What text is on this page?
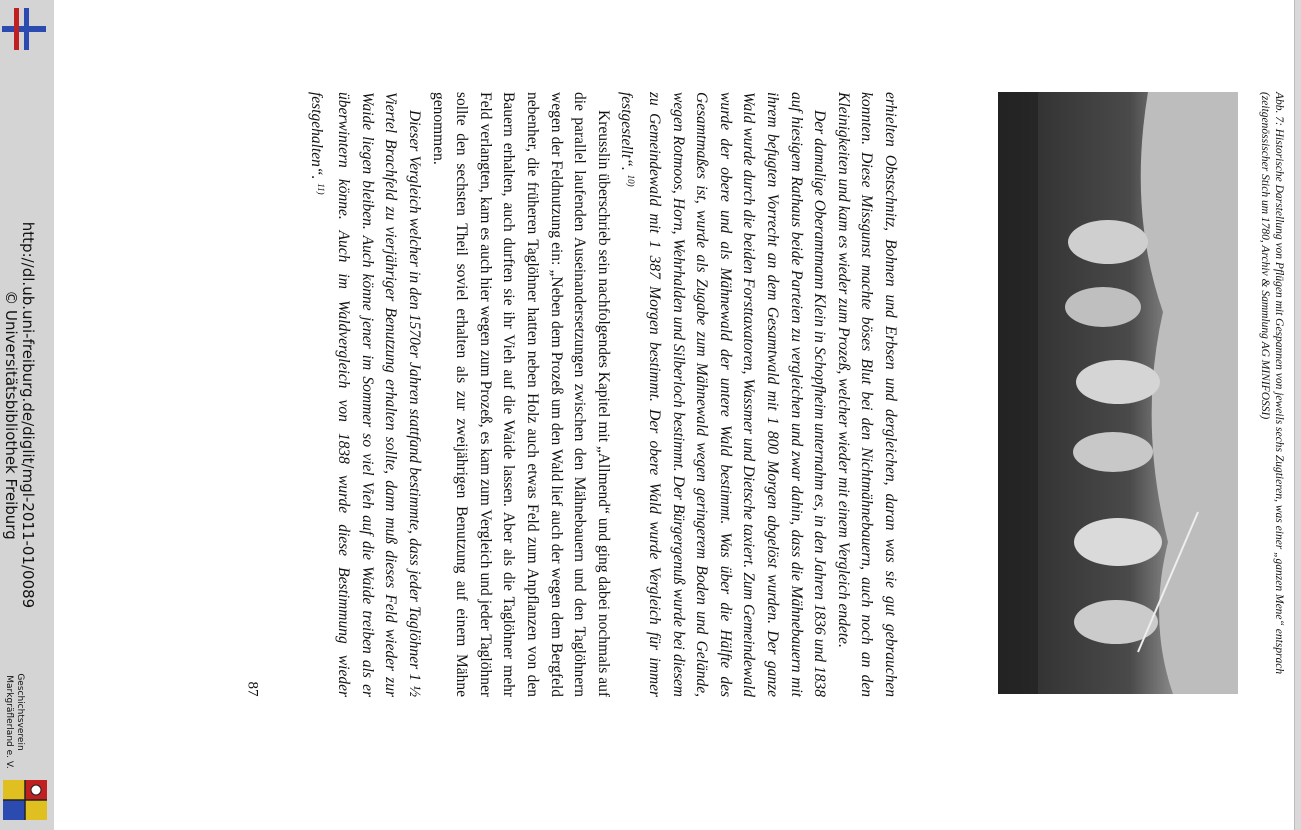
http://dl.ub.uni-freiburg.de/diglit/mgl-2011-01/0089
© Universitätsbibliothek Freiburg
Geschichtsverein
Markgräflerland e. V.
Abb. 7: Historische Darstellung von Pflügen mit Gespannen von jeweils sechs Zugtieren, was einer „ganzen Mene“ entsprach (zeitgenössischer Stich um 1780, Archiv & Sammlung AG MINIFOSSI)

erhielten Obstschnitz, Bohnen und Erbsen und dergleichen, daran was sie gut gebrauchen konnten. Diese Missgunst machte böses Blut bei den Nichtmähnebauern, auch noch an den Kleinigkeiten und kam es wieder zum Prozeß, welcher wieder mit einem Vergleich endete.

Der damalige Oberamtmann Klein in Schopfheim unternahm es, in den Jahren 1836 und 1838 auf hiesigem Rathaus beide Parteien zu vergleichen und zwar dahin, dass die Mähnebauern mit ihrem befugten Vorrecht an dem Gesamtwald mit 1 800 Morgen abgelöst wurden. Der ganze Wald wurde durch die beiden Forsttaxatoren, Wassmer und Dietsche taxiert. Zum Gemeindewald wurde der obere und als Mähnewald der untere Wald bestimmt. Was über die Hälfte des Gesamtmaßes ist, wurde als Zugabe zum Mähnewald wegen geringerem Boden und Gelände, wegen Rotmoos, Horn, Wehrhalden und Silberloch bestimmt. Der Bürgergenuß wurde bei diesem zu Gemeindewald mit 1 387 Morgen bestimmt. Der obere Wald wurde Vergleich für immer festgestellt“. $^{10)}$

Kreusslin überschrieb sein nachfolgendes Kapitel mit „Allmend“ und ging dabei nochmals auf die parallel laufenden Auseinandersetzungen zwischen den Mähnebauern und den Taglöhnern wegen der Feldnutzung ein: „Neben dem Prozeß um den Wald lief auch der wegen dem Bergfeld nebenher, die früheren Taglöhner hatten neben Holz auch etwas Feld zum Anpflanzen von den Bauern erhalten, auch durften sie ihr Vieh auf die Waide lassen. Aber als die Taglöhner mehr Feld verlangten, kam es auch hier wegen zum Prozeß, es kam zum Vergleich und jeder Taglöhner sollte den sechsten Theil soviel erhalten als zur zweijährigen Benutzung auf einem Mähne genommen.

Dieser Vergleich welcher in den 1570er Jahren stattfand bestimmte, dass jeder Taglöhner 1 ½ Viertel Brachfeld zu vierjähriger Benutzung erhalten sollte, dann muß dieses Feld wieder zur Waide liegen bleiben. Auch könne jener im Sommer so viel Vieh auf die Waide treiben als er überwintern könne. Auch im Waldvergleich von 1838 wurde diese Bestimmung wieder festgehalten“. $^{11)}$

87
